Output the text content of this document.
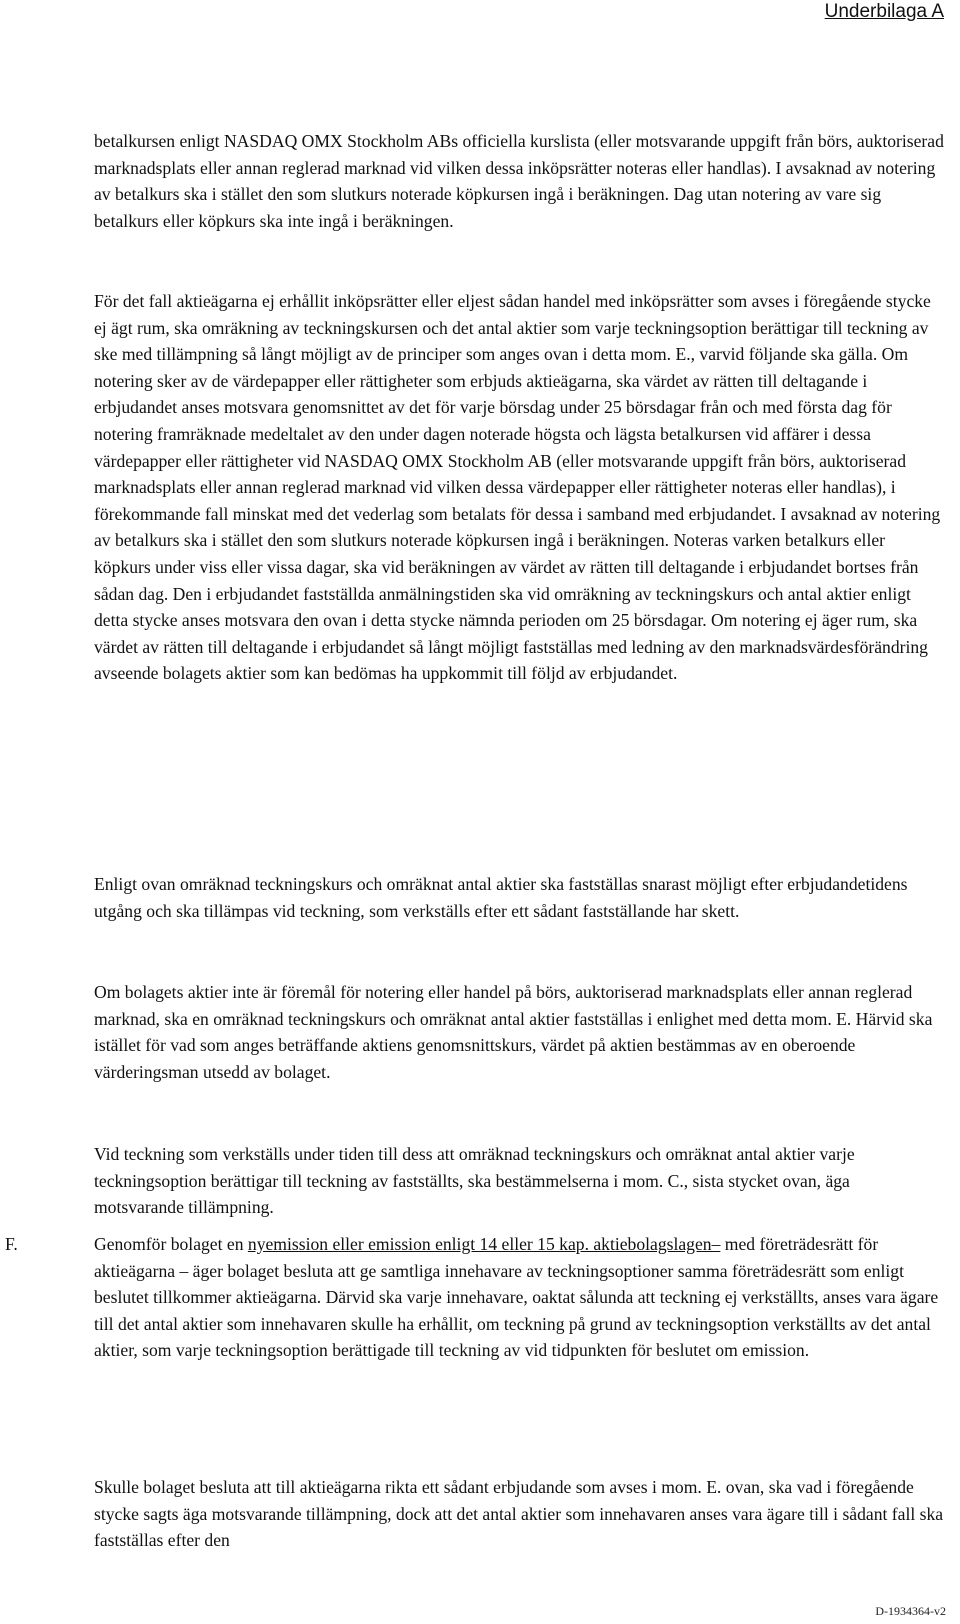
Underbilaga A

betalkursen enligt NASDAQ OMX Stockholm ABs officiella kurslista (eller motsvarande uppgift från börs, auktoriserad marknadsplats eller annan reglerad marknad vid vilken dessa inköpsrätter noteras eller handlas). I avsaknad av notering av betalkurs ska i stället den som slutkurs noterade köpkursen ingå i beräkningen. Dag utan notering av vare sig betalkurs eller köpkurs ska inte ingå i beräkningen.

För det fall aktieägarna ej erhållit inköpsrätter eller eljest sådan handel med inköpsrätter som avses i föregående stycke ej ägt rum, ska omräkning av teckningskursen och det antal aktier som varje teckningsoption berättigar till teckning av ske med tillämpning så långt möjligt av de principer som anges ovan i detta mom. E., varvid följande ska gälla. Om notering sker av de värdepapper eller rättigheter som erbjuds aktieägarna, ska värdet av rätten till deltagande i erbjudandet anses motsvara genomsnittet av det för varje börsdag under 25 börsdagar från och med första dag för notering framräknade medeltalet av den under dagen noterade högsta och lägsta betalkursen vid affärer i dessa värdepapper eller rättigheter vid NASDAQ OMX Stockholm AB (eller motsvarande uppgift från börs, auktoriserad marknadsplats eller annan reglerad marknad vid vilken dessa värdepapper eller rättigheter noteras eller handlas), i förekommande fall minskat med det vederlag som betalats för dessa i samband med erbjudandet. I avsaknad av notering av betalkurs ska i stället den som slutkurs noterade köpkursen ingå i beräkningen. Noteras varken betalkurs eller köpkurs under viss eller vissa dagar, ska vid beräkningen av värdet av rätten till deltagande i erbjudandet bortses från sådan dag. Den i erbjudandet fastställda anmälningstiden ska vid omräkning av teckningskurs och antal aktier enligt detta stycke anses motsvara den ovan i detta stycke nämnda perioden om 25 börsdagar. Om notering ej äger rum, ska värdet av rätten till deltagande i erbjudandet så långt möjligt fastställas med ledning av den marknadsvärdesförändring avseende bolagets aktier som kan bedömas ha uppkommit till följd av erbjudandet.

Enligt ovan omräknad teckningskurs och omräknat antal aktier ska fastställas snarast möjligt efter erbjudandetidens utgång och ska tillämpas vid teckning, som verkställs efter ett sådant fastställande har skett.

Om bolagets aktier inte är föremål för notering eller handel på börs, auktoriserad marknadsplats eller annan reglerad marknad, ska en omräknad teckningskurs och omräknat antal aktier fastställas i enlighet med detta mom. E. Härvid ska istället för vad som anges beträffande aktiens genomsnittskurs, värdet på aktien bestämmas av en oberoende värderingsman utsedd av bolaget.

Vid teckning som verkställs under tiden till dess att omräknad teckningskurs och omräknat antal aktier varje teckningsoption berättigar till teckning av fastställts, ska bestämmelserna i mom. C., sista stycket ovan, äga motsvarande tillämpning.

F.	Genomför bolaget en nyemission eller emission enligt 14 eller 15 kap. aktiebolagslagen– med företrädesrätt för aktieägarna – äger bolaget besluta att ge samtliga innehavare av teckningsoptioner samma företrädesrätt som enligt beslutet tillkommer aktieägarna. Därvid ska varje innehavare, oaktat sålunda att teckning ej verkställts, anses vara ägare till det antal aktier som innehavaren skulle ha erhållit, om teckning på grund av teckningsoption verkställts av det antal aktier, som varje teckningsoption berättigade till teckning av vid tidpunkten för beslutet om emission.

Skulle bolaget besluta att till aktieägarna rikta ett sådant erbjudande som avses i mom. E. ovan, ska vad i föregående stycke sagts äga motsvarande tillämpning, dock att det antal aktier som innehavaren anses vara ägare till i sådant fall ska fastställas efter den

D-1934364-v2
